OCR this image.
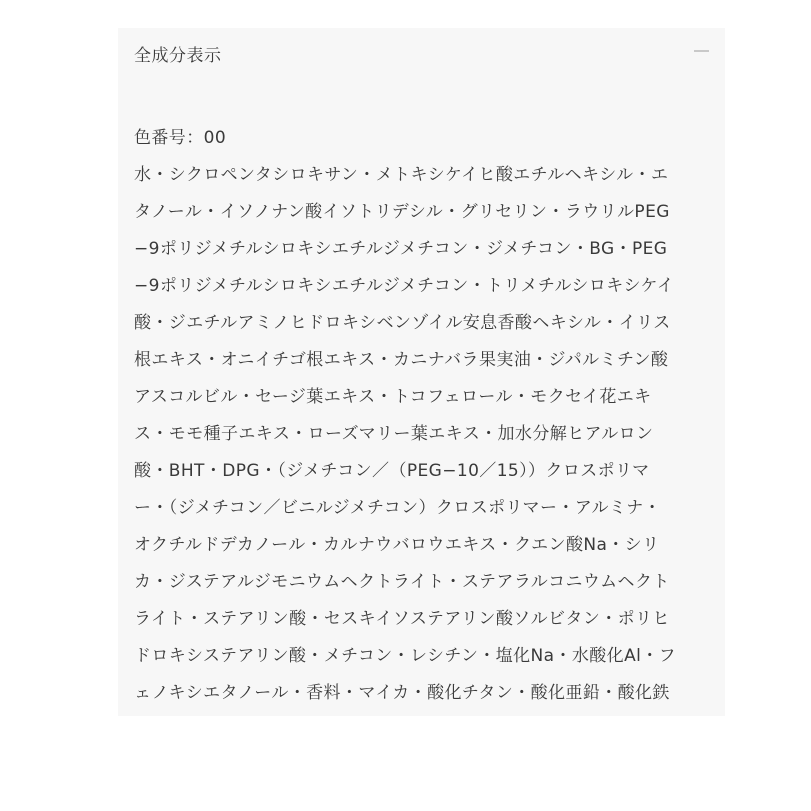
全成分表示
色番号：00
水・シクロペンタシロキサン・メトキシケイヒ酸エチルヘキシル・エ
タノール・イソノナン酸イソトリデシル・グリセリン・ラウリルPEG
−9ポリジメチルシロキシエチルジメチコン・ジメチコン・BG・PEG
−9ポリジメチルシロキシエチルジメチコン・トリメチルシロキシケイ
酸・ジエチルアミノヒドロキシベンゾイル安息香酸ヘキシル・イリス
根エキス・オニイチゴ根エキス・カニナバラ果実油・ジパルミチン酸
アスコルビル・セージ葉エキス・トコフェロール・モクセイ花エキ
ス・モモ種子エキス・ローズマリー葉エキス・加水分解ヒアルロン
酸・BHT・DPG・（ジメチコン／（PEG−10／15））クロスポリマ
ー・（ジメチコン／ビニルジメチコン）クロスポリマー・アルミナ・
オクチルドデカノール・カルナウバロウエキス・クエン酸Na・シリ
カ・ジステアルジモニウムヘクトライト・ステアラルコニウムヘクト
ライト・ステアリン酸・セスキイソステアリン酸ソルビタン・ポリヒ
ドロキシステアリン酸・メチコン・レシチン・塩化Na・水酸化Al・フ
ェノキシエタノール・香料・マイカ・酸化チタン・酸化亜鉛・酸化鉄
